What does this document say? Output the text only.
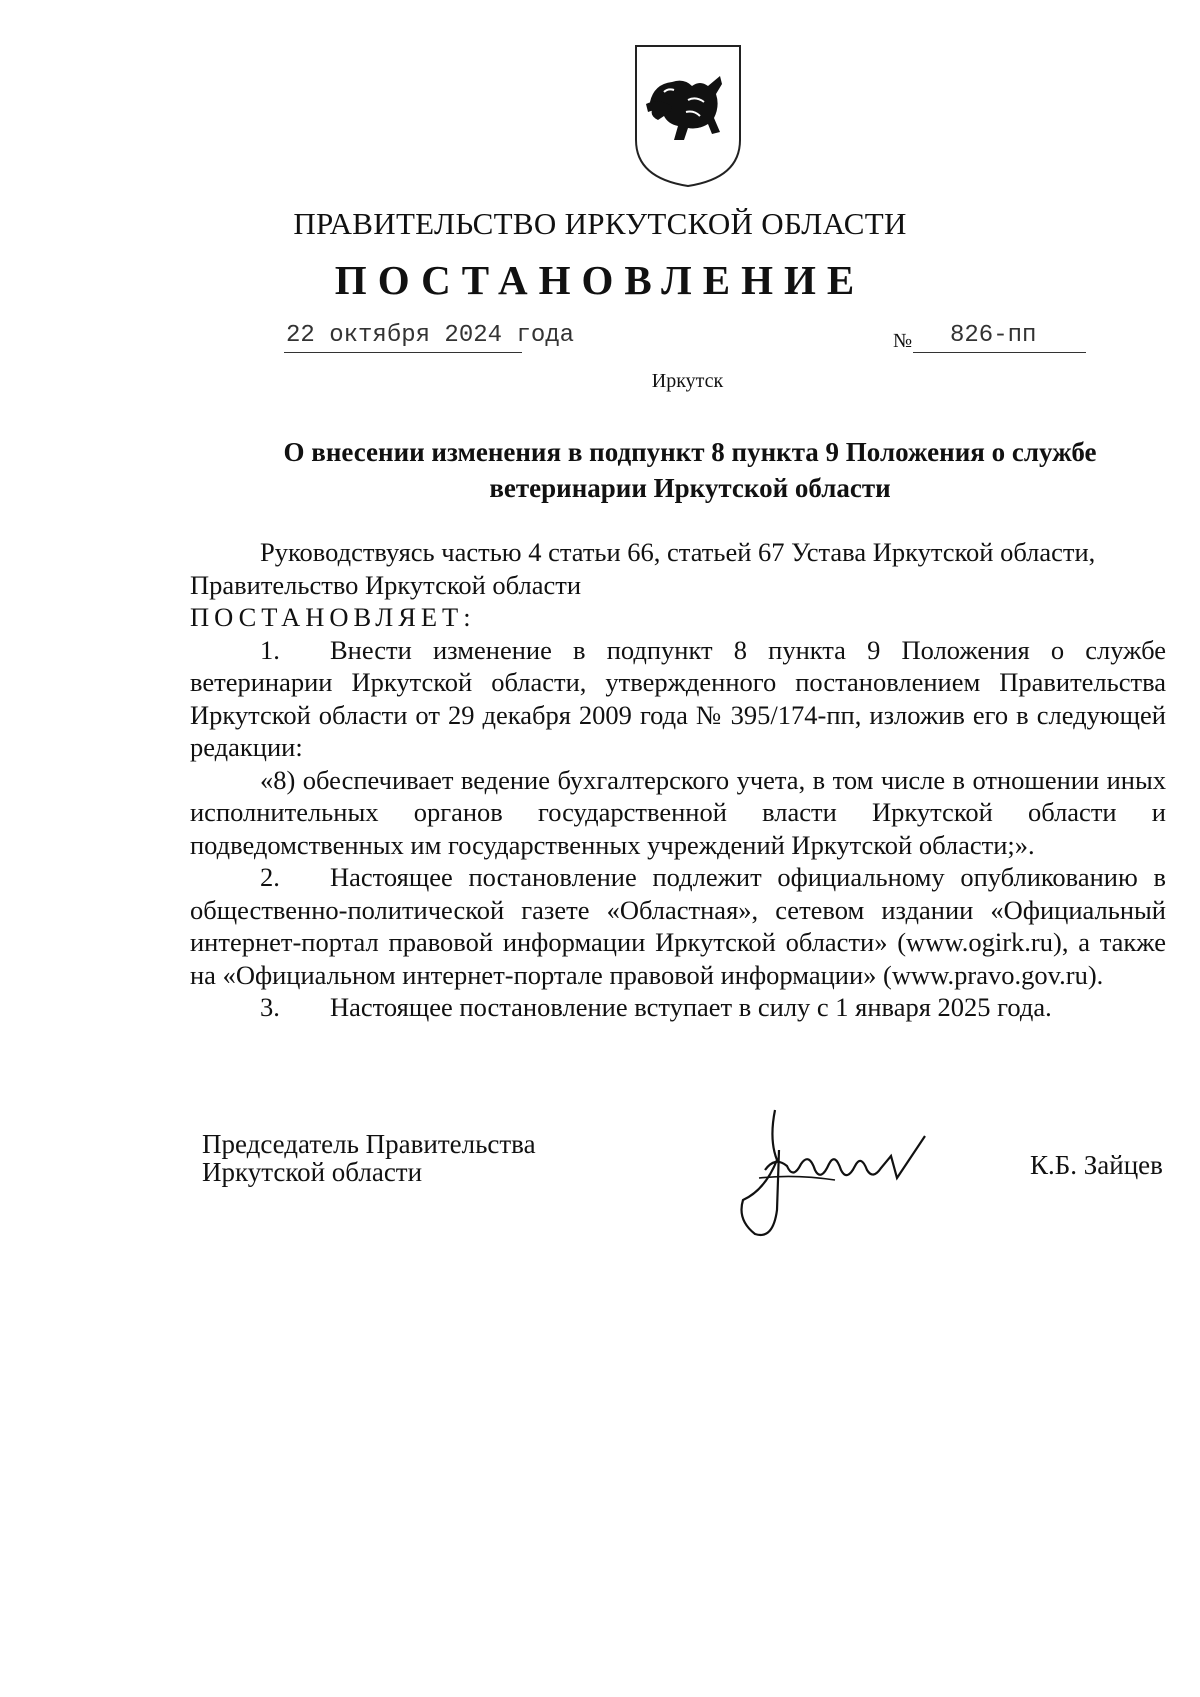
ПРАВИТЕЛЬСТВО ИРКУТСКОЙ ОБЛАСТИ
ПОСТАНОВЛЕНИЕ
22 октября 2024 года	№ 826-пп
Иркутск
О внесении изменения в подпункт 8 пункта 9 Положения о службе
ветеринарии Иркутской области

Руководствуясь частью 4 статьи 66, статьей 67 Устава Иркутской области,

Правительство Иркутской области

ПОСТАНОВЛЯЕТ:

1. Внести изменение в подпункт 8 пункта 9 Положения о службе ветеринарии Иркутской области, утвержденного постановлением Правительства Иркутской области от 29 декабря 2009 года № 395/174-пп, изложив его в следующей редакции:

«8) обеспечивает ведение бухгалтерского учета, в том числе в отношении иных исполнительных органов государственной власти Иркутской области и подведомственных им государственных учреждений Иркутской области;».

2. Настоящее постановление подлежит официальному опубликованию в общественно-политической газете «Областная», сетевом издании «Официальный интернет-портал правовой информации Иркутской области» (www.ogirk.ru), а также на «Официальном интернет-портале правовой информации» (www.pravo.gov.ru).

3. Настоящее постановление вступает в силу с 1 января 2025 года.

Председатель Правительства
Иркутской области	К.Б. Зайцев
